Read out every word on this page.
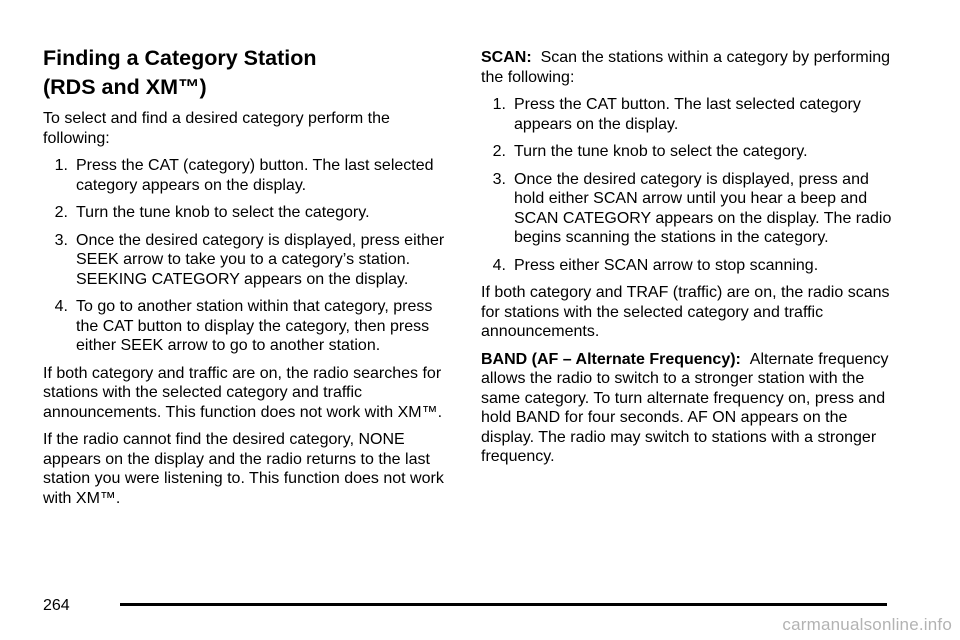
Finding a Category Station
(RDS and XM™)

To select and find a desired category perform the following:

1. Press the CAT (category) button. The last selected category appears on the display.
2. Turn the tune knob to select the category.
3. Once the desired category is displayed, press either SEEK arrow to take you to a category’s station. SEEKING CATEGORY appears on the display.
4. To go to another station within that category, press the CAT button to display the category, then press either SEEK arrow to go to another station.

If both category and traffic are on, the radio searches for stations with the selected category and traffic announcements. This function does not work with XM™.

If the radio cannot find the desired category, NONE appears on the display and the radio returns to the last station you were listening to. This function does not work with XM™.

SCAN: Scan the stations within a category by performing the following:

1. Press the CAT button. The last selected category appears on the display.
2. Turn the tune knob to select the category.
3. Once the desired category is displayed, press and hold either SCAN arrow until you hear a beep and SCAN CATEGORY appears on the display. The radio begins scanning the stations in the category.
4. Press either SCAN arrow to stop scanning.

If both category and TRAF (traffic) are on, the radio scans for stations with the selected category and traffic announcements.

BAND (AF – Alternate Frequency): Alternate frequency allows the radio to switch to a stronger station with the same category. To turn alternate frequency on, press and hold BAND for four seconds. AF ON appears on the display. The radio may switch to stations with a stronger frequency.

264
carmanualsonline.info
